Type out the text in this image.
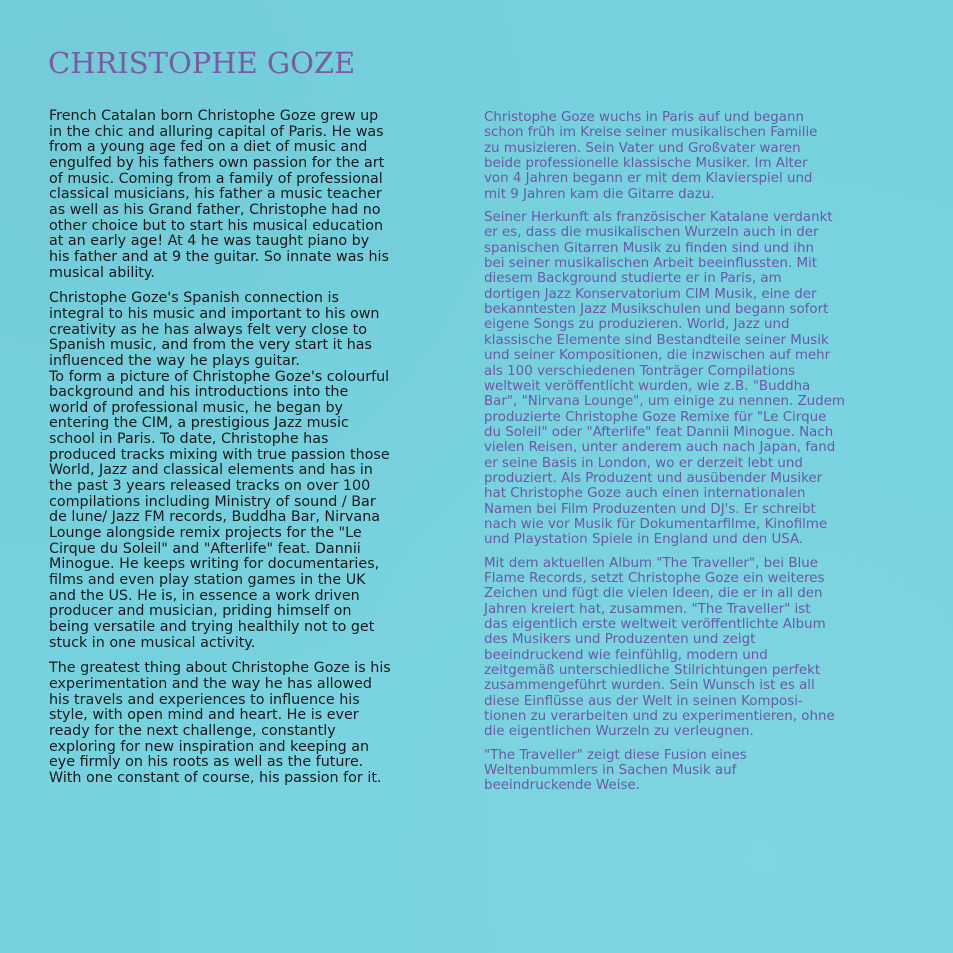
CHRISTOPHE GOZE
French Catalan born Christophe Goze grew up
in the chic and alluring capital of Paris. He was
from a young age fed on a diet of music and
engulfed by his fathers own passion for the art
of music. Coming from a family of professional
classical musicians, his father a music teacher
as well as his Grand father, Christophe had no
other choice but to start his musical education
at an early age! At 4 he was taught piano by
his father and at 9 the guitar. So innate was his
musical ability.
Christophe Goze's Spanish connection is
integral to his music and important to his own
creativity as he has always felt very close to
Spanish music, and from the very start it has
influenced the way he plays guitar.
To form a picture of Christophe Goze's colourful
background and his introductions into the
world of professional music, he began by
entering the CIM, a prestigious Jazz music
school in Paris. To date, Christophe has
produced tracks mixing with true passion those
World, Jazz and classical elements and has in
the past 3 years released tracks on over 100
compilations including Ministry of sound / Bar
de lune/ Jazz FM records, Buddha Bar, Nirvana
Lounge alongside remix projects for the "Le
Cirque du Soleil" and "Afterlife" feat. Dannii
Minogue. He keeps writing for documentaries,
films and even play station games in the UK
and the US. He is, in essence a work driven
producer and musician, priding himself on
being versatile and trying healthily not to get
stuck in one musical activity.
The greatest thing about Christophe Goze is his
experimentation and the way he has allowed
his travels and experiences to influence his
style, with open mind and heart. He is ever
ready for the next challenge, constantly
exploring for new inspiration and keeping an
eye firmly on his roots as well as the future.
With one constant of course, his passion for it.
Christophe Goze wuchs in Paris auf und begann
schon früh im Kreise seiner musikalischen Familie
zu musizieren. Sein Vater und Großvater waren
beide professionelle klassische Musiker. Im Alter
von 4 Jahren begann er mit dem Klavierspiel und
mit 9 Jahren kam die Gitarre dazu.
Seiner Herkunft als französischer Katalane verdankt
er es, dass die musikalischen Wurzeln auch in der
spanischen Gitarren Musik zu finden sind und ihn
bei seiner musikalischen Arbeit beeinflussten. Mit
diesem Background studierte er in Paris, am
dortigen Jazz Konservatorium CIM Musik, eine der
bekanntesten Jazz Musikschulen und begann sofort
eigene Songs zu produzieren. World, Jazz und
klassische Elemente sind Bestandteile seiner Musik
und seiner Kompositionen, die inzwischen auf mehr
als 100 verschiedenen Tonträger Compilations
weltweit veröffentlicht wurden, wie z.B. "Buddha
Bar", "Nirvana Lounge", um einige zu nennen. Zudem
produzierte Christophe Goze Remixe für "Le Cirque
du Soleil" oder "Afterlife" feat Dannii Minogue. Nach
vielen Reisen, unter anderem auch nach Japan, fand
er seine Basis in London, wo er derzeit lebt und
produziert. Als Produzent und ausübender Musiker
hat Christophe Goze auch einen internationalen
Namen bei Film Produzenten und DJ's. Er schreibt
nach wie vor Musik für Dokumentarfilme, Kinofilme
und Playstation Spiele in England und den USA.
Mit dem aktuellen Album "The Traveller", bei Blue
Flame Records, setzt Christophe Goze ein weiteres
Zeichen und fügt die vielen Ideen, die er in all den
Jahren kreiert hat, zusammen. "The Traveller" ist
das eigentlich erste weltweit veröffentlichte Album
des Musikers und Produzenten und zeigt
beeindruckend wie feinfühlig, modern und
zeitgemäß unterschiedliche Stilrichtungen perfekt
zusammengeführt wurden. Sein Wunsch ist es all
diese Einflüsse aus der Welt in seinen Komposi-
tionen zu verarbeiten und zu experimentieren, ohne
die eigentlichen Wurzeln zu verleugnen.
"The Traveller" zeigt diese Fusion eines
Weltenbummlers in Sachen Musik auf
beeindruckende Weise.
